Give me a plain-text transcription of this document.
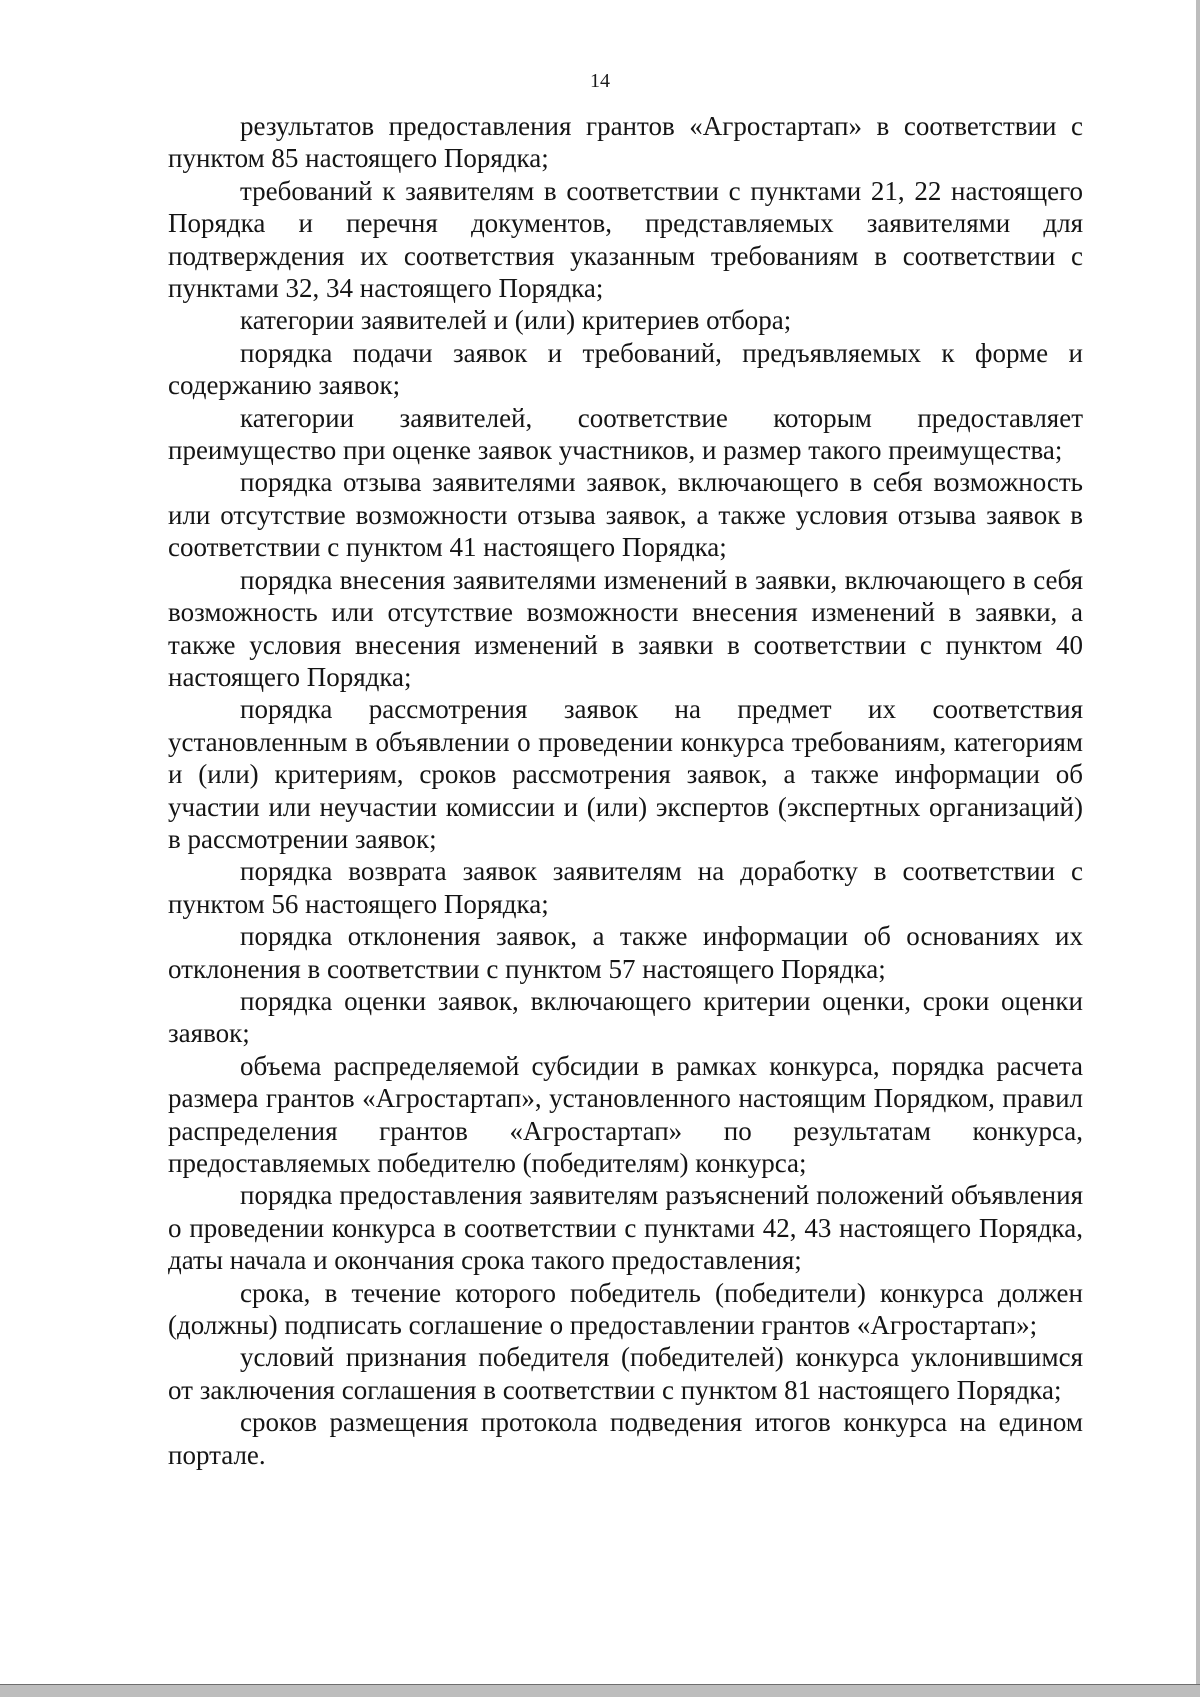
14

результатов предоставления грантов «Агростартап» в соответствии с пунктом 85 настоящего Порядка;

требований к заявителям в соответствии с пунктами 21, 22 настоящего Порядка и перечня документов, представляемых заявителями для подтверждения их соответствия указанным требованиям в соответствии с пунктами 32, 34 настоящего Порядка;

категории заявителей и (или) критериев отбора;

порядка подачи заявок и требований, предъявляемых к форме и содержанию заявок;

категории заявителей, соответствие которым предоставляет преимущество при оценке заявок участников, и размер такого преимущества;

порядка отзыва заявителями заявок, включающего в себя возможность или отсутствие возможности отзыва заявок, а также условия отзыва заявок в соответствии с пунктом 41 настоящего Порядка;

порядка внесения заявителями изменений в заявки, включающего в себя возможность или отсутствие возможности внесения изменений в заявки, а также условия внесения изменений в заявки в соответствии с пунктом 40 настоящего Порядка;

порядка рассмотрения заявок на предмет их соответствия установленным в объявлении о проведении конкурса требованиям, категориям и (или) критериям, сроков рассмотрения заявок, а также информации об участии или неучастии комиссии и (или) экспертов (экспертных организаций) в рассмотрении заявок;

порядка возврата заявок заявителям на доработку в соответствии с пунктом 56 настоящего Порядка;

порядка отклонения заявок, а также информации об основаниях их отклонения в соответствии с пунктом 57 настоящего Порядка;

порядка оценки заявок, включающего критерии оценки, сроки оценки заявок;

объема распределяемой субсидии в рамках конкурса, порядка расчета размера грантов «Агростартап», установленного настоящим Порядком, правил распределения грантов «Агростартап» по результатам конкурса, предоставляемых победителю (победителям) конкурса;

порядка предоставления заявителям разъяснений положений объявления о проведении конкурса в соответствии с пунктами 42, 43 настоящего Порядка, даты начала и окончания срока такого предоставления;

срока, в течение которого победитель (победители) конкурса должен (должны) подписать соглашение о предоставлении грантов «Агростартап»;

условий признания победителя (победителей) конкурса уклонившимся от заключения соглашения в соответствии с пунктом 81 настоящего Порядка;

сроков размещения протокола подведения итогов конкурса на едином портале.
